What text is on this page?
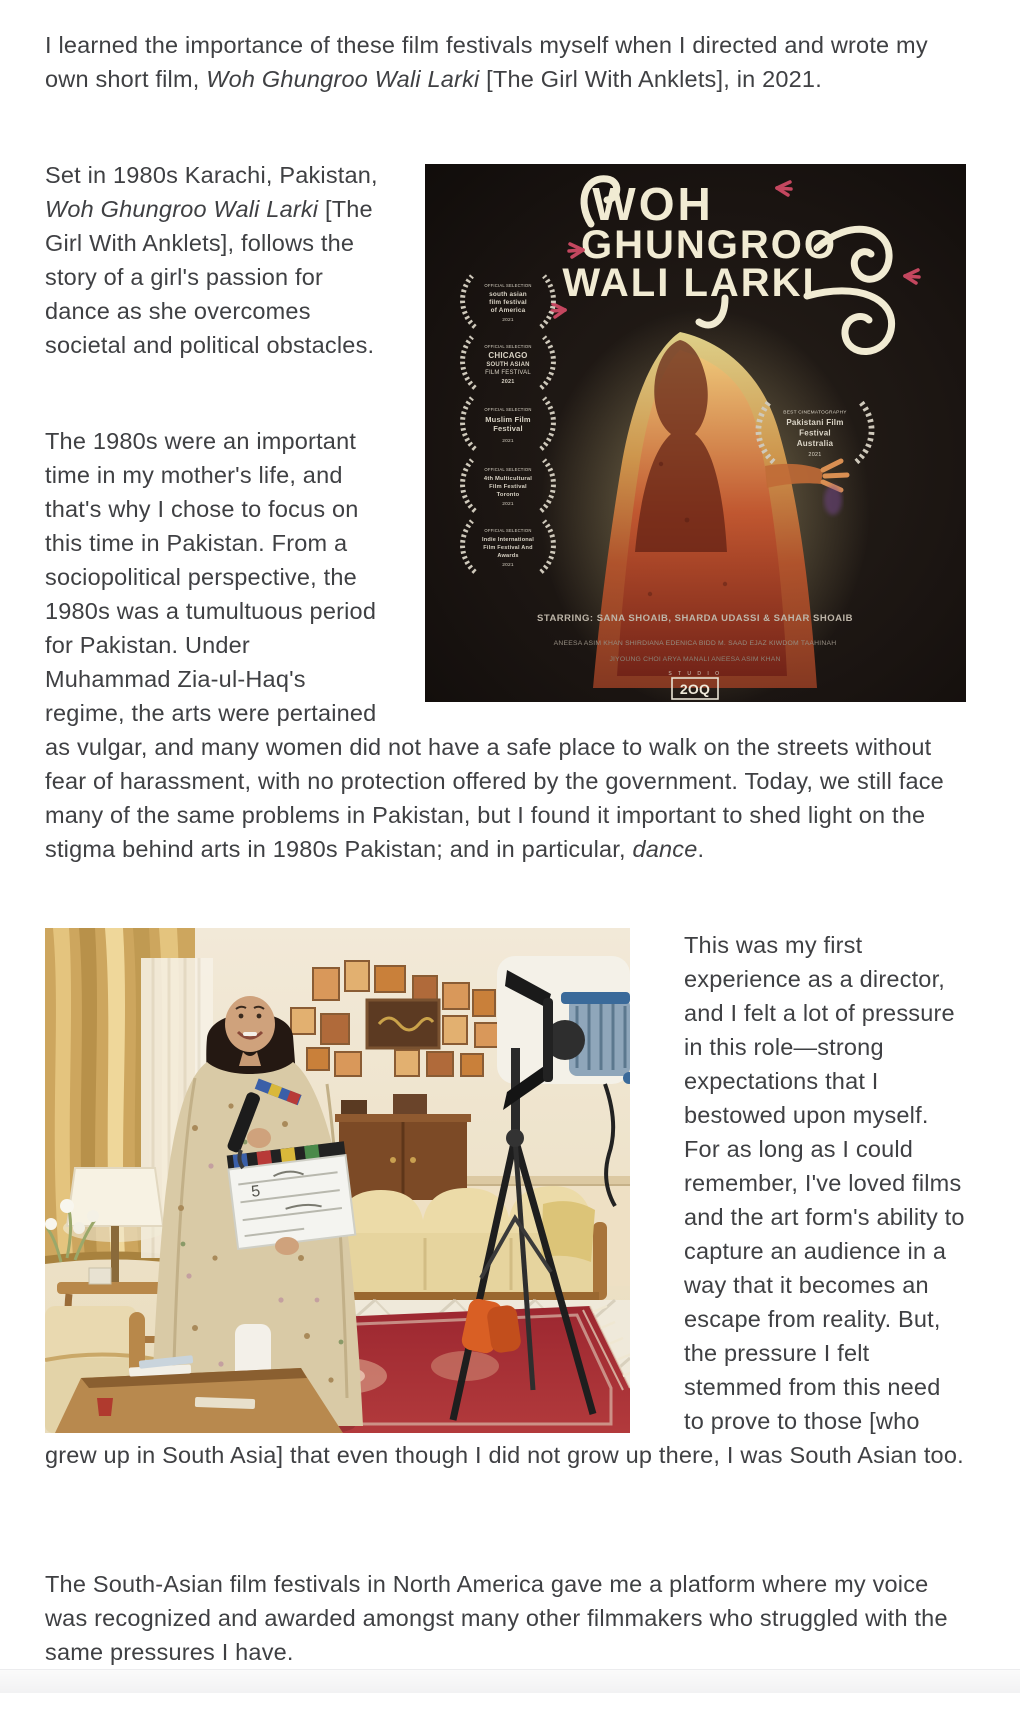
I learned the importance of these film festivals myself when I directed and wrote my own short film, Woh Ghungroo Wali Larki [The Girl With Anklets], in 2021.

WOH
GHUNGROO
WALI LARKI
OFFICIAL SELECTION
south asian
film festival
of America
2021
OFFICIAL SELECTION
CHICAGO
SOUTH ASIAN
FILM FESTIVAL
2021
OFFICIAL SELECTION
Muslim Film
Festival
2021
OFFICIAL SELECTION
4th Multicultural
Film Festival
Toronto
2021
OFFICIAL SELECTION
Indie International
Film Festival And
Awards
2021
BEST CINEMATOGRAPHY
Pakistani Film
Festival
Australia
2021
STARRING: SANA SHOAIB, SHARDA UDASSI & SAHAR SHOAIB
ANEESA ASIM KHAN SHIRDIANA EDENICA BIDD M. SAAD EJAZ KIWDOM TAAHINAH
JIYOUNG CHOI ARYA MANALI ANEESA ASIM KHAN
S T U D I O
2OQ

Set in 1980s Karachi, Pakistan, Woh Ghungroo Wali Larki [The Girl With Anklets], follows the story of a girl's passion for dance as she overcomes societal and political obstacles.

The 1980s were an important time in my mother's life, and that's why I chose to focus on this time in Pakistan. From a sociopolitical perspective, the 1980s was a tumultuous period for Pakistan. Under Muhammad Zia-ul-Haq's regime, the arts were pertained as vulgar, and many women did not have a safe place to walk on the streets without fear of harassment, with no protection offered by the government. Today, we still face many of the same problems in Pakistan, but I found it important to shed light on the stigma behind arts in 1980s Pakistan; and in particular, dance.

5

This was my first experience as a director, and I felt a lot of pressure in this role—strong expectations that I bestowed upon myself. For as long as I could remember, I've loved films and the art form's ability to capture an audience in a way that it becomes an escape from reality. But, the pressure I felt stemmed from this need to prove to those [who grew up in South Asia] that even though I did not grow up there, I was South Asian too.

The South-Asian film festivals in North America gave me a platform where my voice was recognized and awarded amongst many other filmmakers who struggled with the same pressures I have.
